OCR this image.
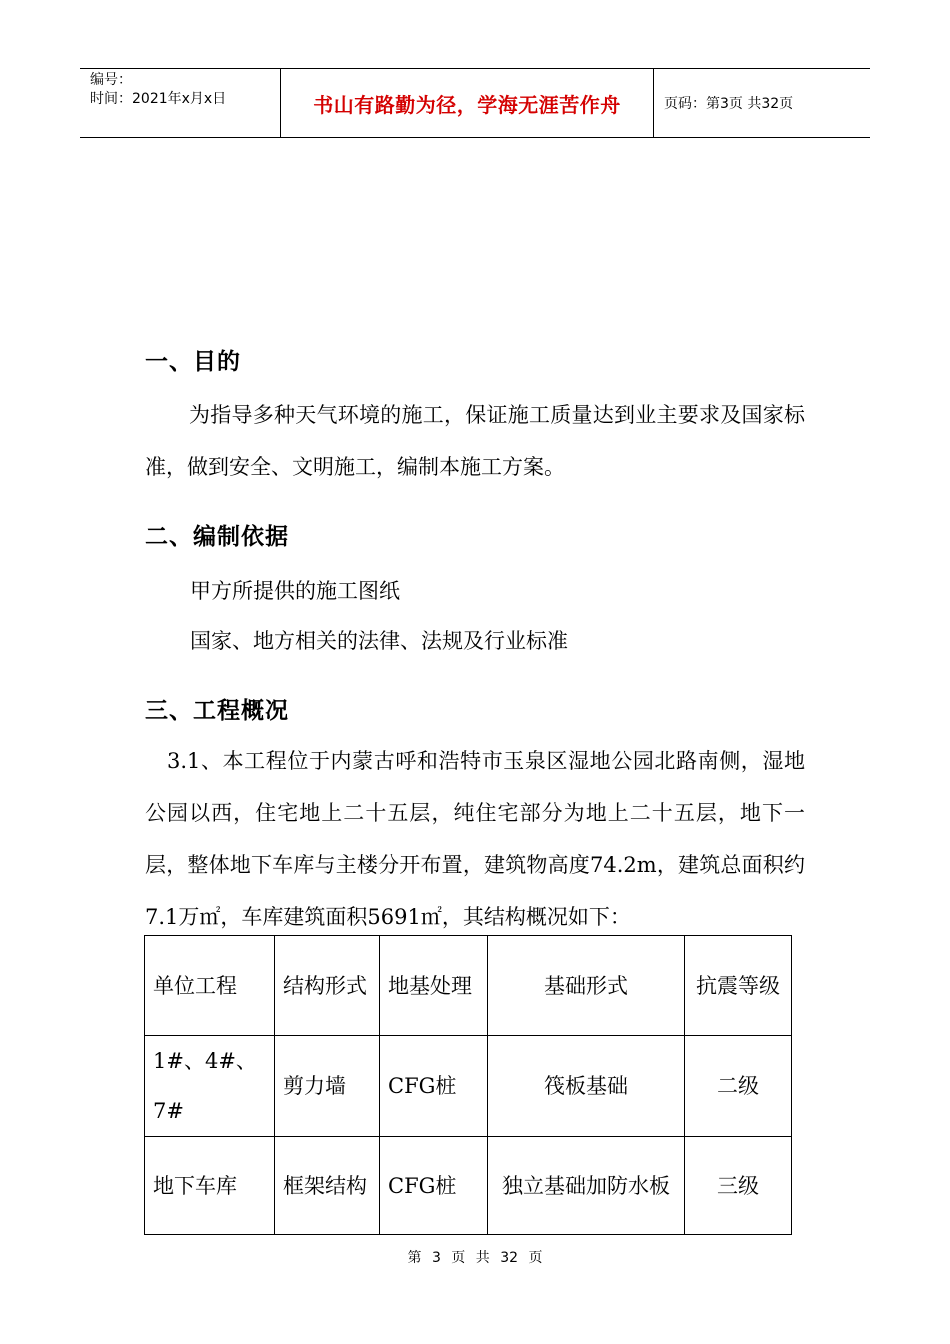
编号：
时间：2021年x月x日	书山有路勤为径，学海无涯苦作舟	页码：第3页 共32页
一、目的
为指导多种天气环境的施工，保证施工质量达到业主要求及国家标准，做到安全、文明施工，编制本施工方案。
二、编制依据
甲方所提供的施工图纸
国家、地方相关的法律、法规及行业标准
三、工程概况
3.1、本工程位于内蒙古呼和浩特市玉泉区湿地公园北路南侧，湿地公园以西，住宅地上二十五层，纯住宅部分为地上二十五层，地下一层，整体地下车库与主楼分开布置，建筑物高度74.2m，建筑总面积约7.1万㎡，车库建筑面积5691㎡，其结构概况如下：
单位工程	结构形式	地基处理	基础形式	抗震等级
1#、4#、7#	剪力墙	CFG桩	筏板基础	二级
地下车库	框架结构	CFG桩	独立基础加防水板	三级
第 3 页 共 32 页
